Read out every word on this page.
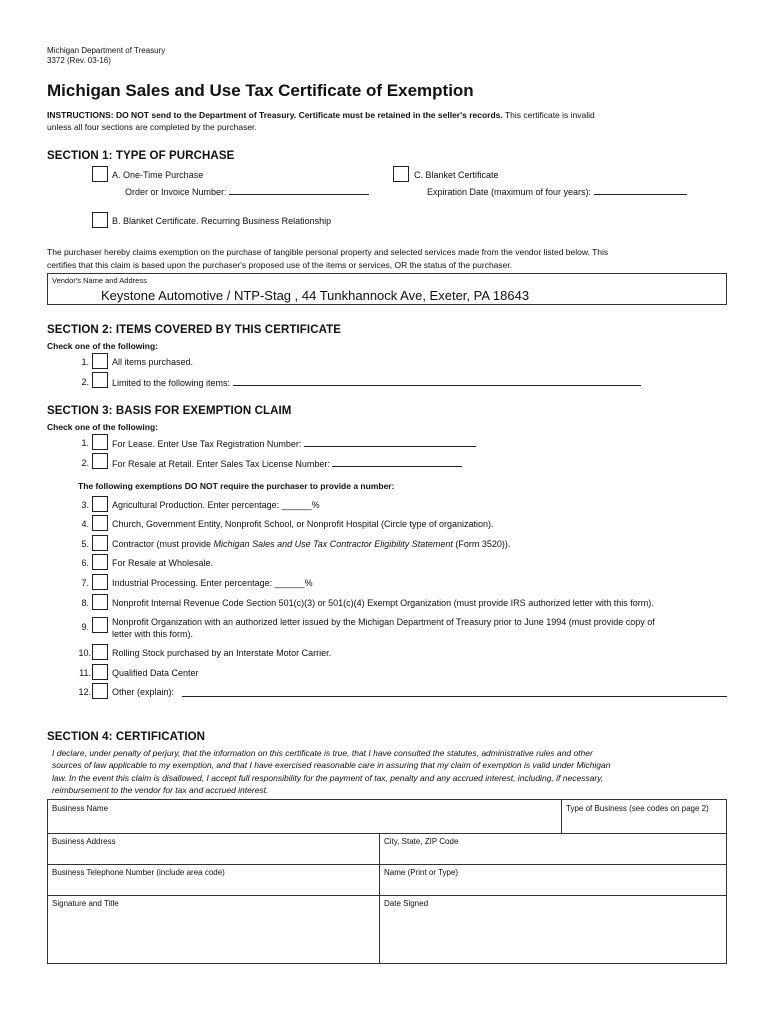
Michigan Department of Treasury
3372 (Rev. 03-16)
Michigan Sales and Use Tax Certificate of Exemption
INSTRUCTIONS: DO NOT send to the Department of Treasury. Certificate must be retained in the seller's records. This certificate is invalid
unless all four sections are completed by the purchaser.
SECTION 1: TYPE OF PURCHASE
A. One-Time Purchase
Order or Invoice Number:
C. Blanket Certificate
Expiration Date (maximum of four years):
B. Blanket Certificate. Recurring Business Relationship
The purchaser hereby claims exemption on the purchase of tangible personal property and selected services made from the vendor listed below. This
certifies that this claim is based upon the purchaser's proposed use of the items or services, OR the status of the purchaser.
Vendor's Name and Address
Keystone Automotive / NTP-Stag , 44 Tunkhannock Ave, Exeter, PA 18643
SECTION 2: ITEMS COVERED BY THIS CERTIFICATE
Check one of the following:
1.	All items purchased.
2.	Limited to the following items:
SECTION 3: BASIS FOR EXEMPTION CLAIM
Check one of the following:
1.	For Lease. Enter Use Tax Registration Number:
2.	For Resale at Retail. Enter Sales Tax License Number:
The following exemptions DO NOT require the purchaser to provide a number:
3.	Agricultural Production. Enter percentage: ______%
4.	Church, Government Entity, Nonprofit School, or Nonprofit Hospital (Circle type of organization).
5.	Contractor (must provide Michigan Sales and Use Tax Contractor Eligibility Statement (Form 3520)).
6.	For Resale at Wholesale.
7.	Industrial Processing. Enter percentage: ______%
8.	Nonprofit Internal Revenue Code Section 501(c)(3) or 501(c)(4) Exempt Organization (must provide IRS authorized letter with this form).
9.	Nonprofit Organization with an authorized letter issued by the Michigan Department of Treasury prior to June 1994 (must provide copy of
letter with this form).
10. Rolling Stock purchased by an Interstate Motor Carrier.
11. Qualified Data Center
12. Other (explain):
SECTION 4: CERTIFICATION
I declare, under penalty of perjury, that the information on this certificate is true, that I have consulted the statutes, administrative rules and other
sources of law applicable to my exemption, and that I have exercised reasonable care in assuring that my claim of exemption is valid under Michigan
law. In the event this claim is disallowed, I accept full responsibility for the payment of tax, penalty and any accrued interest, including, if necessary,
reimbursement to the vendor for tax and accrued interest.
Business Name	Type of Business (see codes on page 2)
Business Address	City, State, ZIP Code
Business Telephone Number (include area code)	Name (Print or Type)
Signature and Title	Date Signed
